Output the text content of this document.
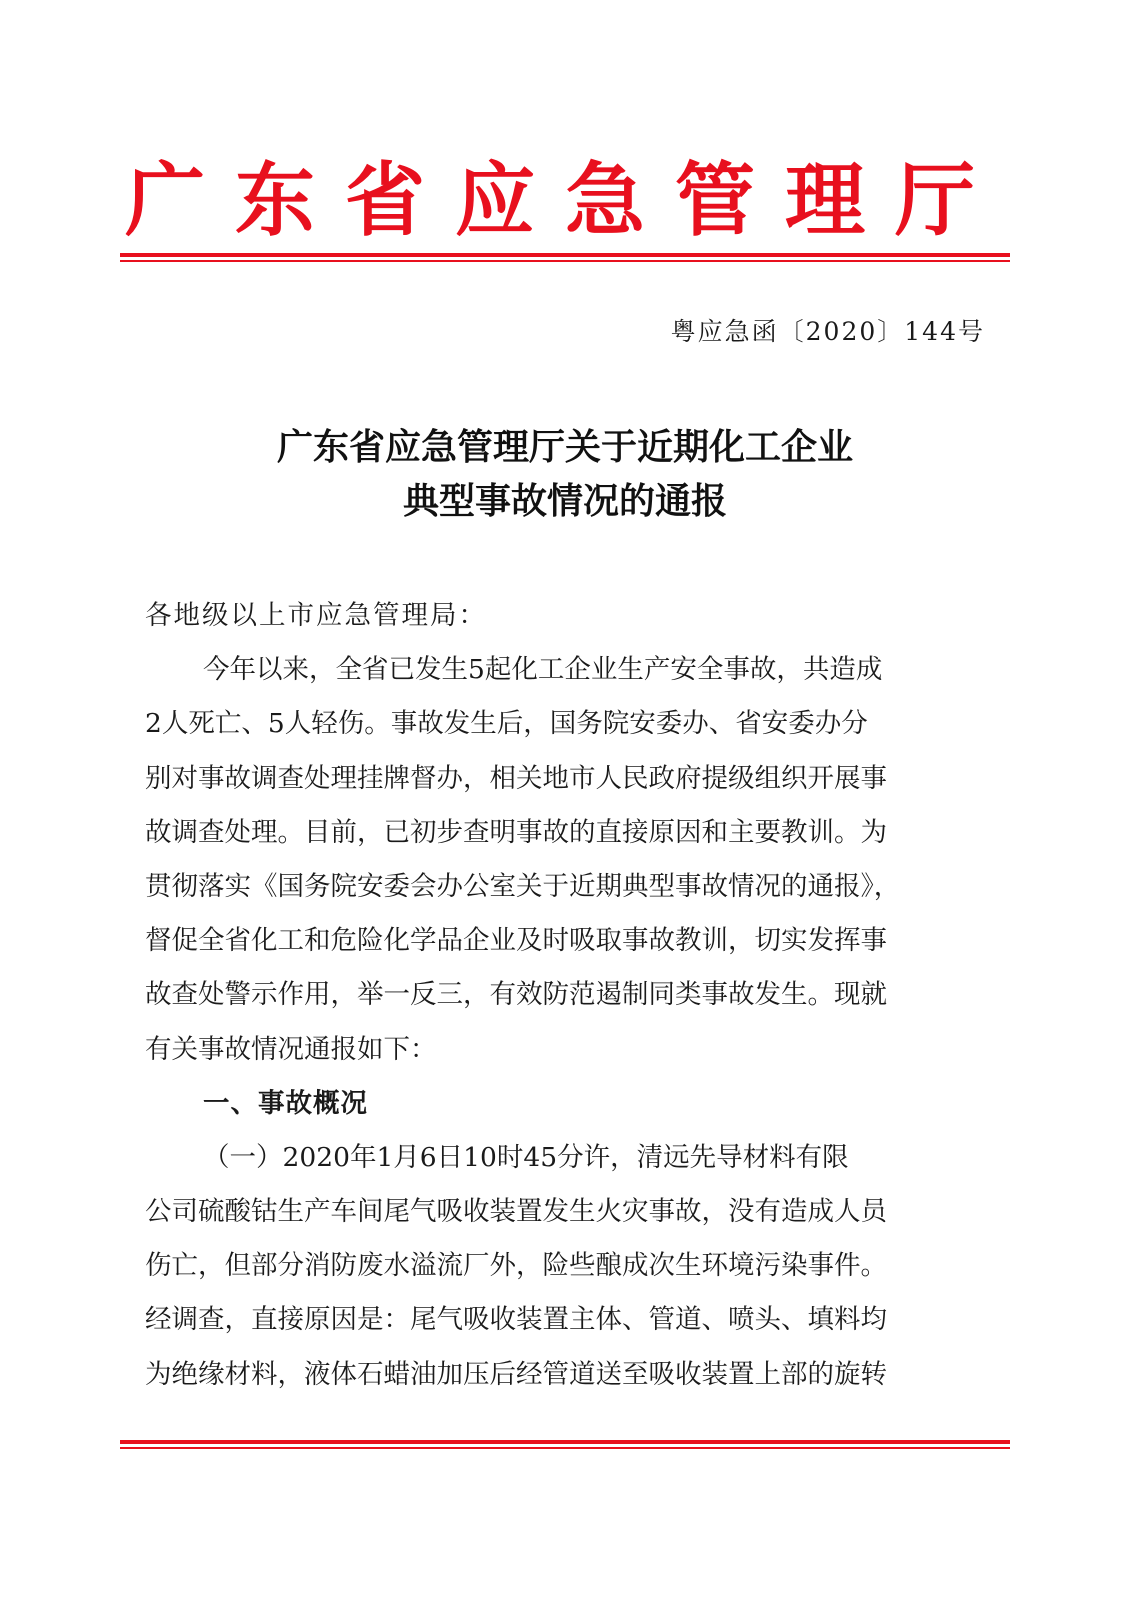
广东省应急管理厅

粤应急函〔2020〕144号

广东省应急管理厅关于近期化工企业
典型事故情况的通报
各地级以上市应急管理局：
今年以来，全省已发生5起化工企业生产安全事故，共造成
2人死亡、5人轻伤。事故发生后，国务院安委办、省安委办分
别对事故调查处理挂牌督办，相关地市人民政府提级组织开展事
故调查处理。目前，已初步查明事故的直接原因和主要教训。为
贯彻落实《国务院安委会办公室关于近期典型事故情况的通报》，
督促全省化工和危险化学品企业及时吸取事故教训，切实发挥事
故查处警示作用，举一反三，有效防范遏制同类事故发生。现就
有关事故情况通报如下：
一、事故概况
（一）2020年1月6日10时45分许，清远先导材料有限
公司硫酸钴生产车间尾气吸收装置发生火灾事故，没有造成人员
伤亡，但部分消防废水溢流厂外，险些酿成次生环境污染事件。
经调查，直接原因是：尾气吸收装置主体、管道、喷头、填料均
为绝缘材料，液体石蜡油加压后经管道送至吸收装置上部的旋转
